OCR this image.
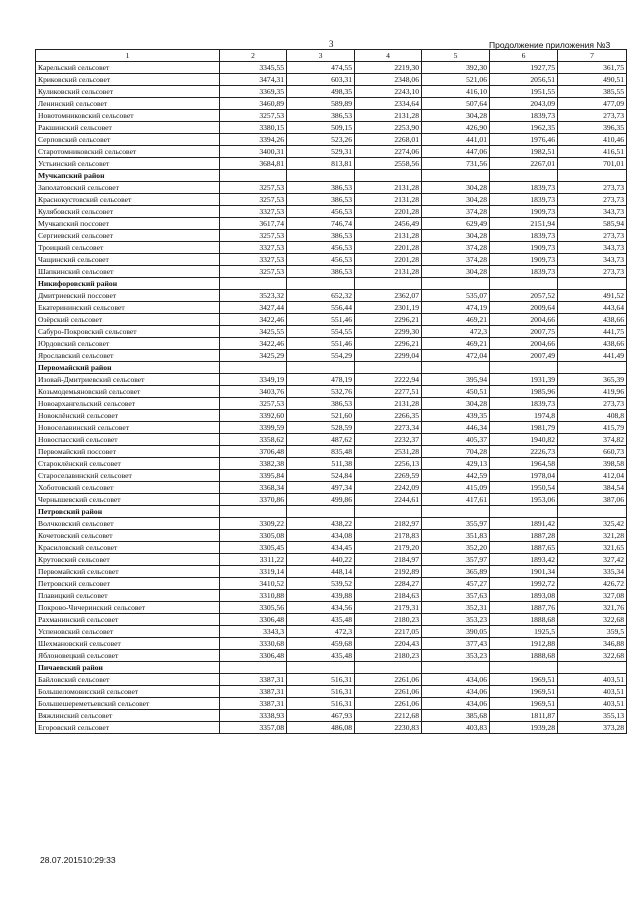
3	Продолжение приложения №3
1	2	3	4	5	6	7
Карельский сельсовет	3345,55	474,55	2219,30	392,30	1927,75	361,75
Криковский сельсовет	3474,31	603,31	2348,06	521,06	2056,51	490,51
Куликовский сельсовет	3369,35	498,35	2243,10	416,10	1951,55	385,55
Ленинский сельсовет	3460,89	589,89	2334,64	507,64	2043,09	477,09
Новотомниковский сельсовет	3257,53	386,53	2131,28	304,28	1839,73	273,73
Ракшинский сельсовет	3380,15	509,15	2253,90	426,90	1962,35	396,35
Серповский сельсовет	3394,26	523,26	2268,01	441,01	1976,46	410,46
Старотомниковский сельсовет	3400,31	529,31	2274,06	447,06	1982,51	416,51
Устьинский сельсовет	3684,81	813,81	2558,56	731,56	2267,01	701,01
Мучкапский район						
Заполатовский сельсовет	3257,53	386,53	2131,28	304,28	1839,73	273,73
Краснокустовский сельсовет	3257,53	386,53	2131,28	304,28	1839,73	273,73
Кулябовский сельсовет	3327,53	456,53	2201,28	374,28	1909,73	343,73
Мучкапский поссовет	3617,74	746,74	2456,49	629,49	2151,94	585,94
Сергиевский сельсовет	3257,53	386,53	2131,28	304,28	1839,73	273,73
Троицкий сельсовет	3327,53	456,53	2201,28	374,28	1909,73	343,73
Чащинский сельсовет	3327,53	456,53	2201,28	374,28	1909,73	343,73
Шапкинский сельсовет	3257,53	386,53	2131,28	304,28	1839,73	273,73
Никифоровский район						
Дмитриевский поссовет	3523,32	652,32	2362,07	535,07	2057,52	491,52
Екатерининский сельсовет	3427,44	556,44	2301,19	474,19	2009,64	443,64
Озёрский сельсовет	3422,46	551,46	2296,21	469,21	2004,66	438,66
Сабуро-Покровский сельсовет	3425,55	554,55	2299,30	472,3	2007,75	441,75
Юрдовский сельсовет	3422,46	551,46	2296,21	469,21	2004,66	438,66
Ярославский сельсовет	3425,29	554,29	2299,04	472,04	2007,49	441,49
Первомайский район						
Изовай-Дмитриевский сельсовет	3349,19	478,19	2222,94	395,94	1931,39	365,39
Козьмодемьяновский сельсовет	3403,76	532,76	2277,51	450,51	1985,96	419,96
Новоархангельский сельсовет	3257,53	386,53	2131,28	304,28	1839,73	273,73
Новоклёнский сельсовет	3392,60	521,60	2266,35	439,35	1974,8	408,8
Новоселавинский сельсовет	3399,59	528,59	2273,34	446,34	1981,79	415,79
Новоспасский сельсовет	3358,62	487,62	2232,37	405,37	1940,82	374,82
Первомайский поссовет	3706,48	835,48	2531,28	704,28	2226,73	660,73
Староклёнский сельсовет	3382,38	511,38	2256,13	429,13	1964,58	398,58
Староселавинский сельсовет	3395,84	524,84	2269,59	442,59	1978,04	412,04
Хоботовский сельсовет	3368,34	497,34	2242,09	415,09	1950,54	384,54
Чернышевский сельсовет	3370,86	499,86	2244,61	417,61	1953,06	387,06
Петровский район						
Волчковский сельсовет	3309,22	438,22	2182,97	355,97	1891,42	325,42
Кочетовский сельсовет	3305,08	434,08	2178,83	351,83	1887,28	321,28
Красиловский сельсовет	3305,45	434,45	2179,20	352,20	1887,65	321,65
Крутовский сельсовет	3311,22	440,22	2184,97	357,97	1893,42	327,42
Первомайский сельсовет	3319,14	448,14	2192,89	365,89	1901,34	335,34
Петровский сельсовет	3410,52	539,52	2284,27	457,27	1992,72	426,72
Плавицкий сельсовет	3310,88	439,88	2184,63	357,63	1893,08	327,08
Покрово-Чичеринский сельсовет	3305,56	434,56	2179,31	352,31	1887,76	321,76
Рахманинский сельсовет	3306,48	435,48	2180,23	353,23	1888,68	322,68
Успеновский сельсовет	3343,3	472,3	2217,05	390,05	1925,5	359,5
Шехмановский сельсовет	3330,68	459,68	2204,43	377,43	1912,88	346,88
Яблоновецкий сельсовет	3306,48	435,48	2180,23	353,23	1888,68	322,68
Пичаевский район						
Байловский сельсовет	3387,31	516,31	2261,06	434,06	1969,51	403,51
Большеломовисский сельсовет	3387,31	516,31	2261,06	434,06	1969,51	403,51
Большешереметьевский сельсовет	3387,31	516,31	2261,06	434,06	1969,51	403,51
Вяжлинский сельсовет	3338,93	467,93	2212,68	385,68	1811,87	355,13
Егоровский сельсовет	3357,08	486,08	2230,83	403,83	1939,28	373,28
28.07.201510:29:33
